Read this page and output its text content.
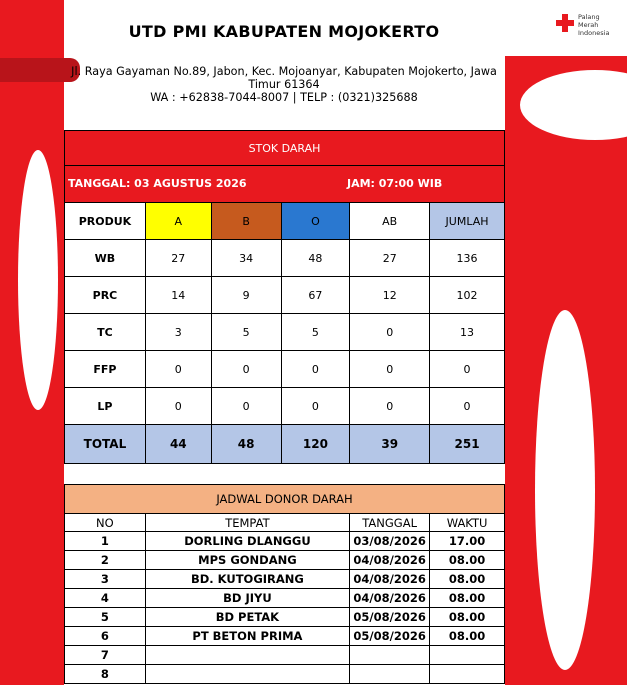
UTD PMI KABUPATEN MOJOKERTO
Jl. Raya Gayaman No.89, Jabon, Kec. Mojoanyar, Kabupaten Mojokerto, Jawa
Timur 61364
WA : +62838-7044-8007 | TELP : (0321)325688
Palang
Merah
Indonesia
STOK DARAH					

TANGGAL: 03 AGUSTUS 2026 JAM: 07:00 WIB					

PRODUK	A	B	O	AB	JUMLAH
WB	27	34	48	27	136
PRC	14	9	67	12	102
TC	3	5	5	0	13
FFP	0	0	0	0	0
LP	0	0	0	0	0
TOTAL	44	48	120	39	251
JADWAL DONOR DARAH			
NO	TEMPAT	TANGGAL	WAKTU
1	DORLING DLANGGU	03/08/2026	17.00
2	MPS GONDANG	04/08/2026	08.00
3	BD. KUTOGIRANG	04/08/2026	08.00
4	BD JIYU	04/08/2026	08.00
5	BD PETAK	05/08/2026	08.00
6	PT BETON PRIMA	05/08/2026	08.00
7			
8			
